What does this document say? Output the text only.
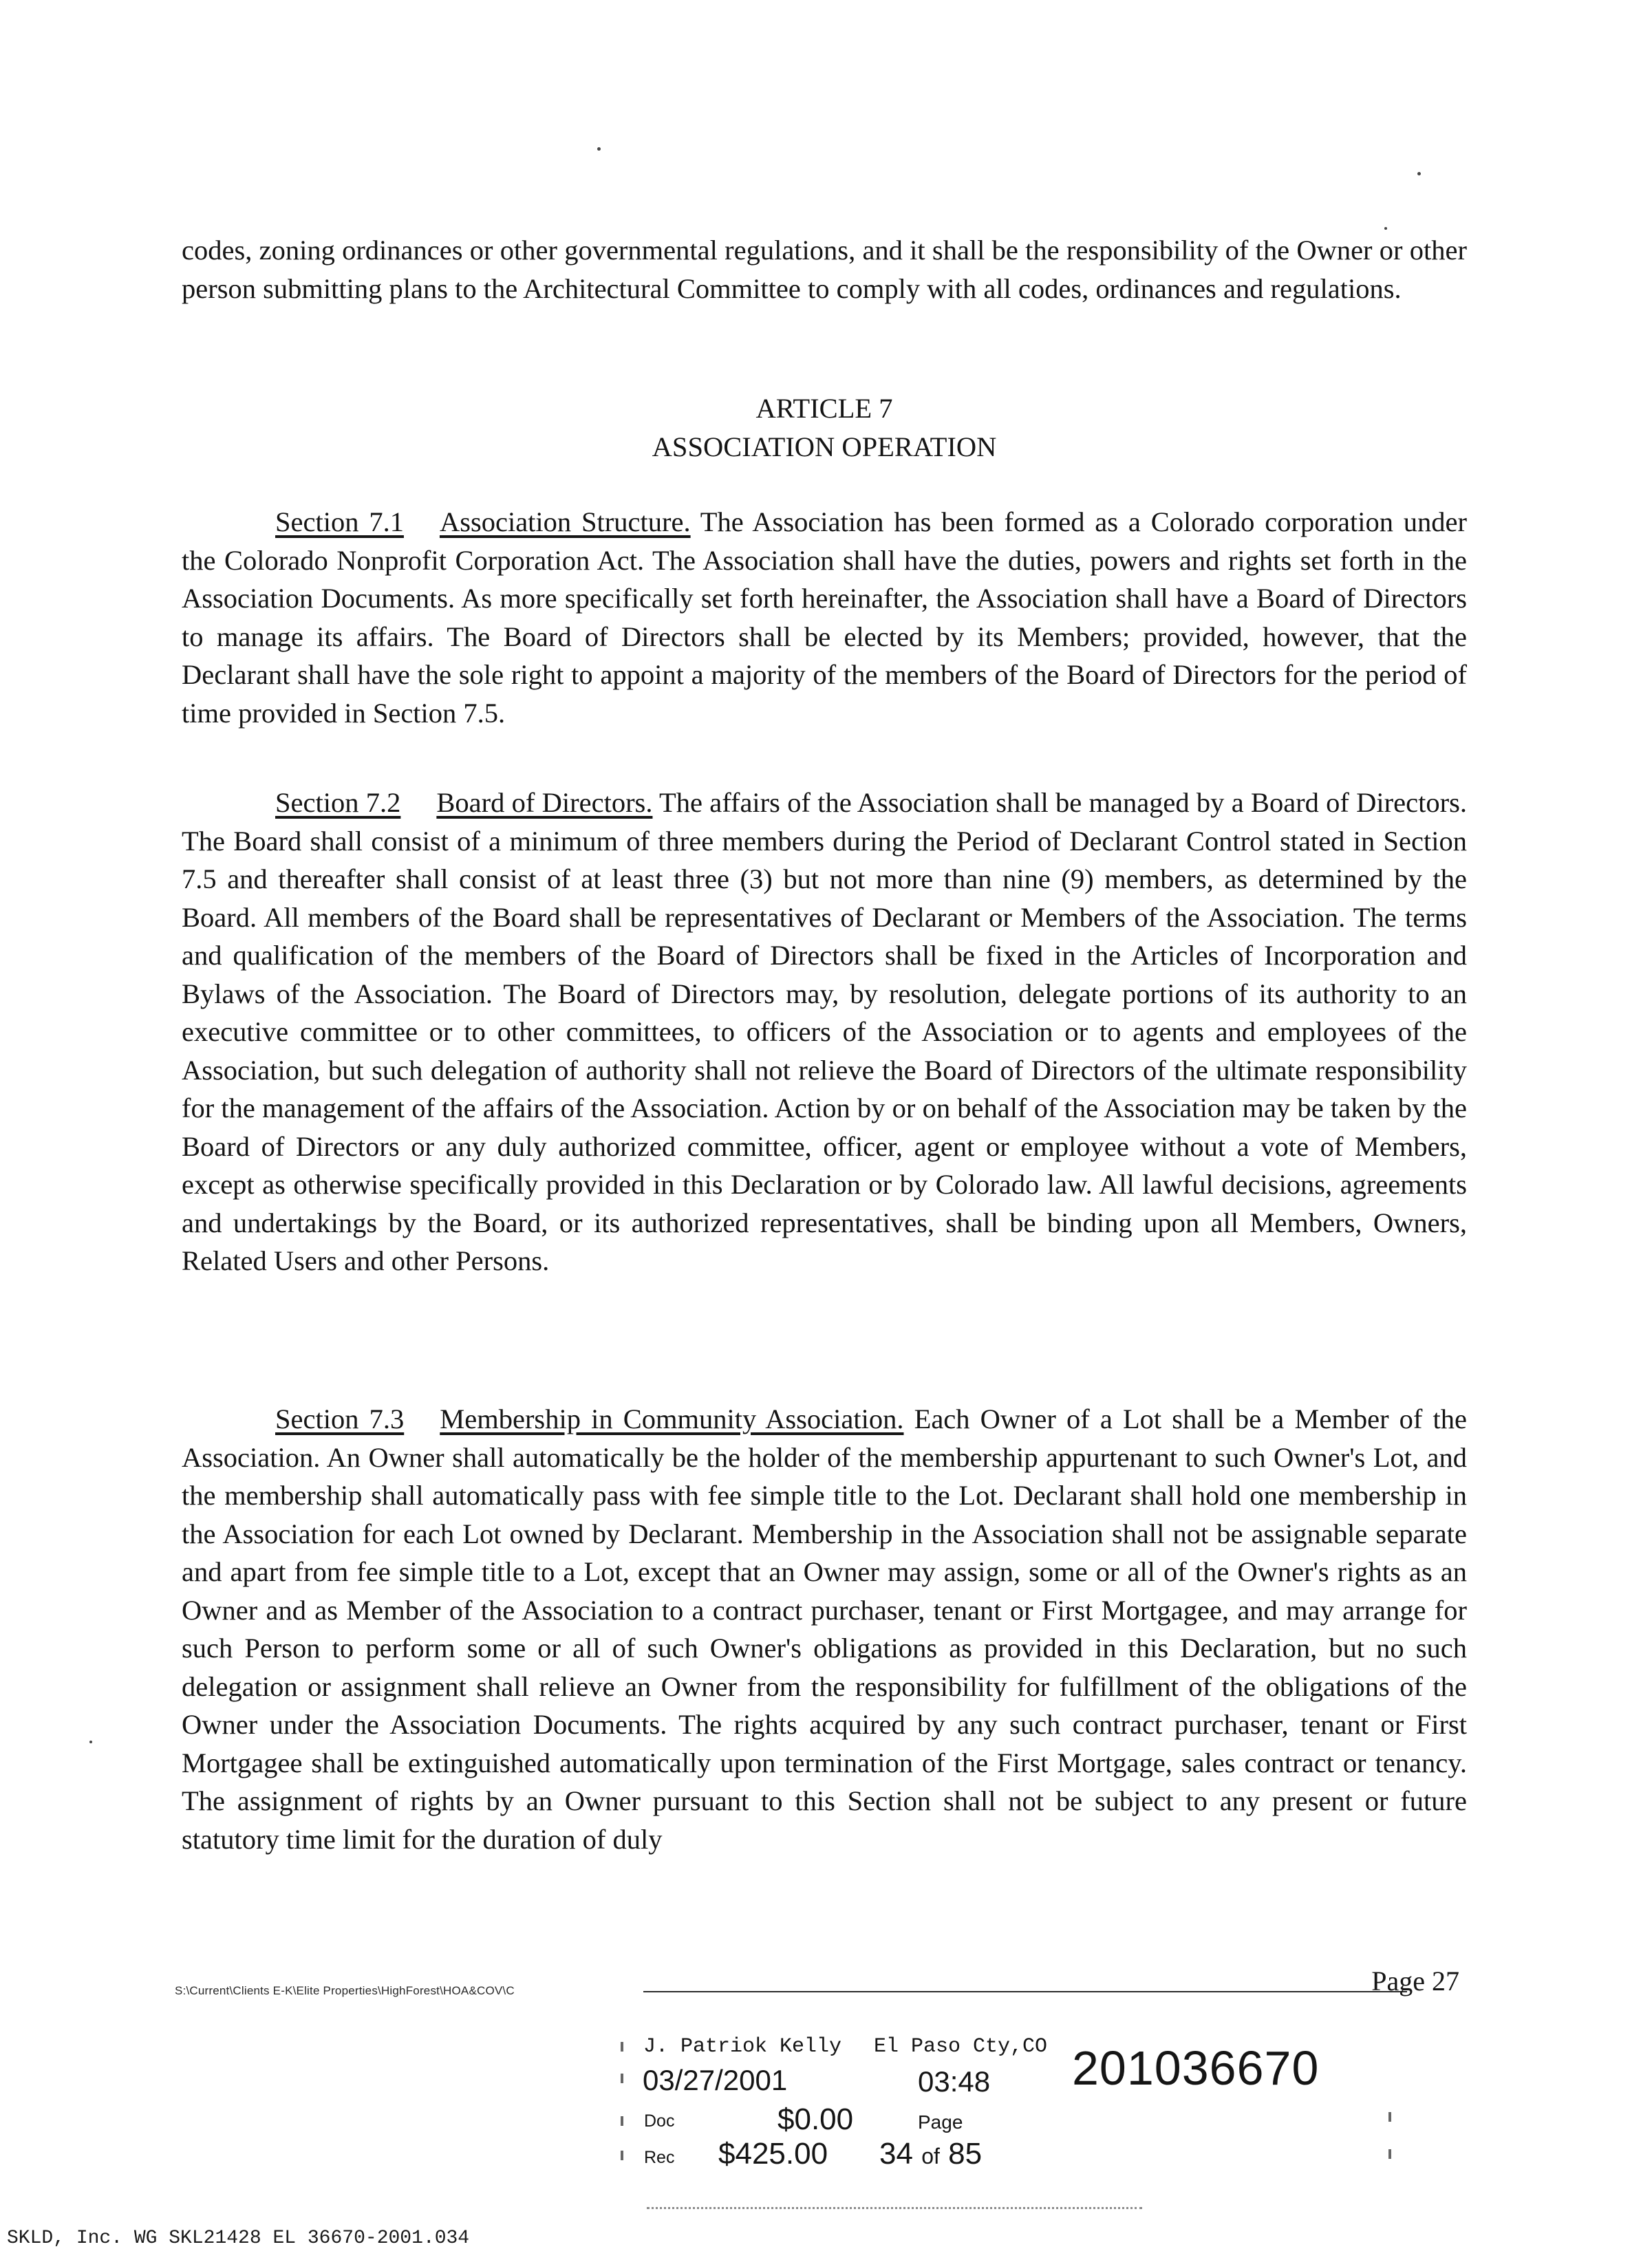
codes, zoning ordinances or other governmental regulations, and it shall be the responsibility of the Owner or other person submitting plans to the Architectural Committee to comply with all codes, ordinances and regulations.

ARTICLE 7
ASSOCIATION OPERATION

Section 7.1 Association Structure. The Association has been formed as a Colorado corporation under the Colorado Nonprofit Corporation Act. The Association shall have the duties, powers and rights set forth in the Association Documents. As more specifically set forth hereinafter, the Association shall have a Board of Directors to manage its affairs. The Board of Directors shall be elected by its Members; provided, however, that the Declarant shall have the sole right to appoint a majority of the members of the Board of Directors for the period of time provided in Section 7.5.

Section 7.2 Board of Directors. The affairs of the Association shall be managed by a Board of Directors. The Board shall consist of a minimum of three members during the Period of Declarant Control stated in Section 7.5 and thereafter shall consist of at least three (3) but not more than nine (9) members, as determined by the Board. All members of the Board shall be representatives of Declarant or Members of the Association. The terms and qualification of the members of the Board of Directors shall be fixed in the Articles of Incorporation and Bylaws of the Association. The Board of Directors may, by resolution, delegate portions of its authority to an executive committee or to other committees, to officers of the Association or to agents and employees of the Association, but such delegation of authority shall not relieve the Board of Directors of the ultimate responsibility for the management of the affairs of the Association. Action by or on behalf of the Association may be taken by the Board of Directors or any duly authorized committee, officer, agent or employee without a vote of Members, except as otherwise specifically provided in this Declaration or by Colorado law. All lawful decisions, agreements and undertakings by the Board, or its authorized representatives, shall be binding upon all Members, Owners, Related Users and other Persons.

Section 7.3 Membership in Community Association. Each Owner of a Lot shall be a Member of the Association. An Owner shall automatically be the holder of the membership appurtenant to such Owner's Lot, and the membership shall automatically pass with fee simple title to the Lot. Declarant shall hold one membership in the Association for each Lot owned by Declarant. Membership in the Association shall not be assignable separate and apart from fee simple title to a Lot, except that an Owner may assign, some or all of the Owner's rights as an Owner and as Member of the Association to a contract purchaser, tenant or First Mortgagee, and may arrange for such Person to perform some or all of such Owner's obligations as provided in this Declaration, but no such delegation or assignment shall relieve an Owner from the responsibility for fulfillment of the obligations of the Owner under the Association Documents. The rights acquired by any such contract purchaser, tenant or First Mortgagee shall be extinguished automatically upon termination of the First Mortgage, sales contract or tenancy. The assignment of rights by an Owner pursuant to this Section shall not be subject to any present or future statutory time limit for the duration of duly

S:\Current\Clients E-K\Elite Properties\HighForest\HOA&COV\C	Page 27
J. Patriok Kelly El Paso Cty,CO
03/27/2001	03:48 201036670
Doc	$0.00	Page
Rec $425.00 34 of 85
SKLD, Inc. WG SKL21428 EL 36670-2001.034
